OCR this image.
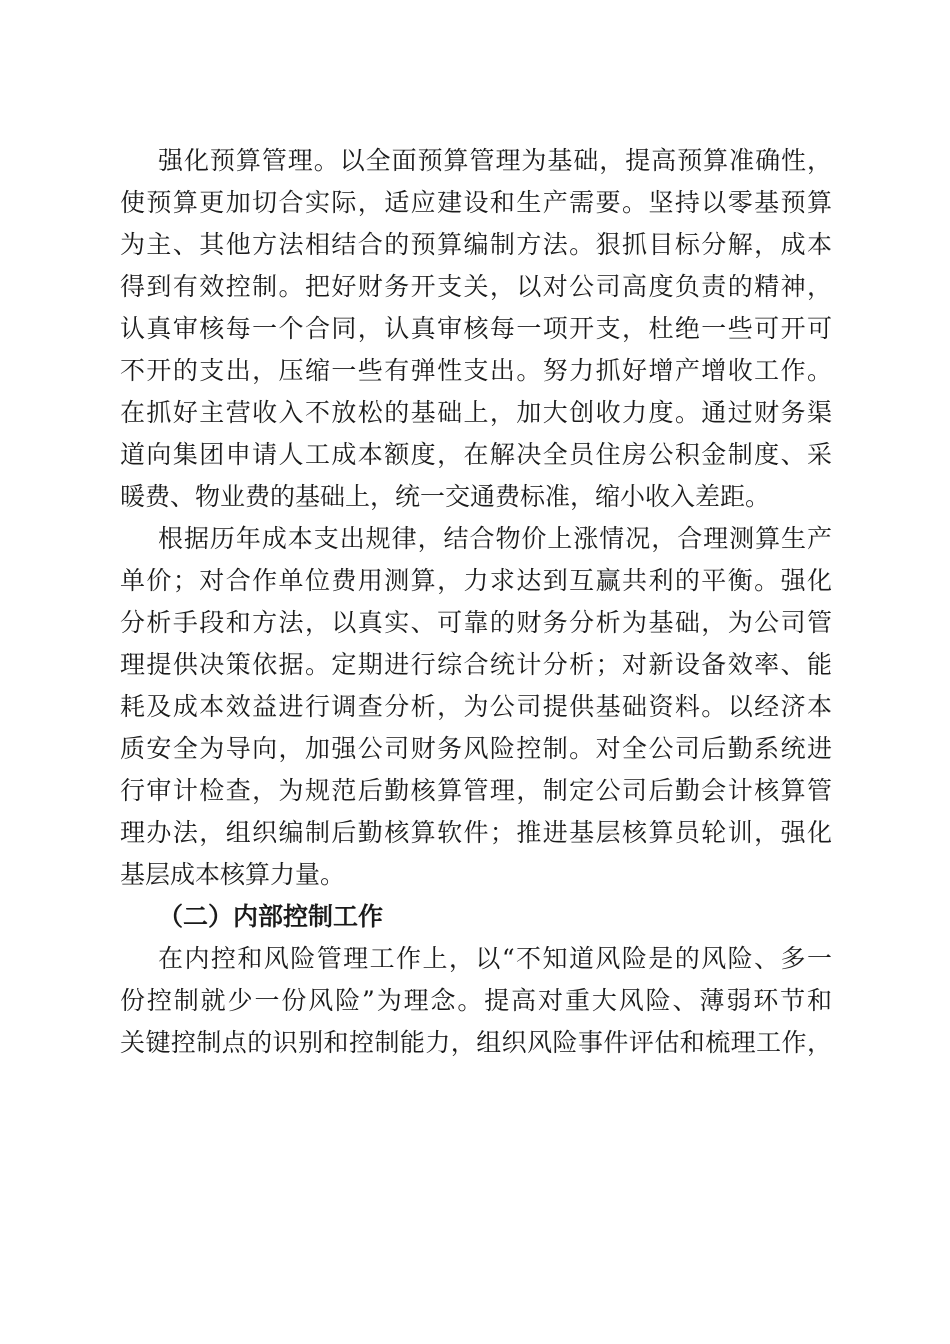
强化预算管理。以全面预算管理为基础，提高预算准确性，
使预算更加切合实际，适应建设和生产需要。坚持以零基预算
为主、其他方法相结合的预算编制方法。狠抓目标分解，成本
得到有效控制。把好财务开支关，以对公司高度负责的精神，
认真审核每一个合同，认真审核每一项开支，杜绝一些可开可
不开的支出，压缩一些有弹性支出。努力抓好增产增收工作。
在抓好主营收入不放松的基础上，加大创收力度。通过财务渠
道向集团申请人工成本额度，在解决全员住房公积金制度、采
暖费、物业费的基础上，统一交通费标准，缩小收入差距。
根据历年成本支出规律，结合物价上涨情况，合理测算生产
单价；对合作单位费用测算，力求达到互赢共利的平衡。强化
分析手段和方法，以真实、可靠的财务分析为基础，为公司管
理提供决策依据。定期进行综合统计分析；对新设备效率、能
耗及成本效益进行调查分析，为公司提供基础资料。以经济本
质安全为导向，加强公司财务风险控制。对全公司后勤系统进
行审计检查，为规范后勤核算管理，制定公司后勤会计核算管
理办法，组织编制后勤核算软件；推进基层核算员轮训，强化
基层成本核算力量。
（二）内部控制工作
在内控和风险管理工作上，以“不知道风险是的风险、多一
份控制就少一份风险”为理念。提高对重大风险、薄弱环节和
关键控制点的识别和控制能力，组织风险事件评估和梳理工作，
